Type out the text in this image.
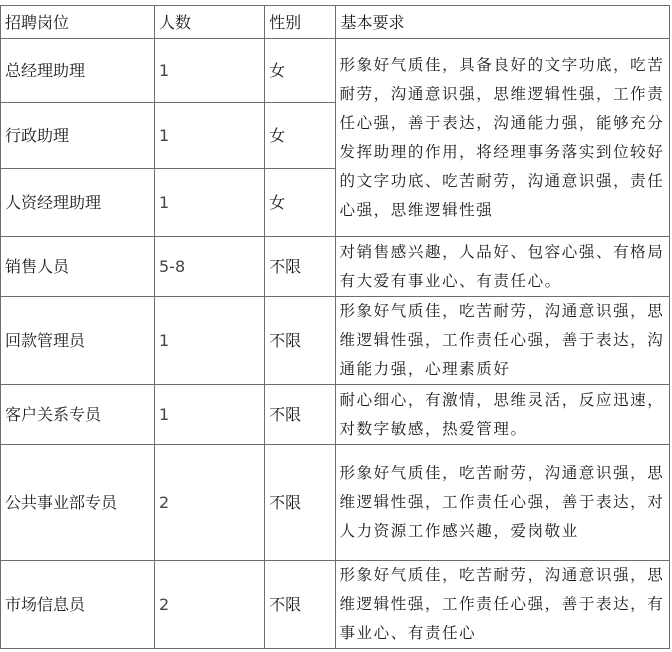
招聘岗位	人数	性别	基本要求
总经理助理	1	女	形象好气质佳，具备良好的文字功底，吃苦耐劳，沟通意识强，思维逻辑性强，工作责任心强，善于表达，沟通能力强，能够充分发挥助理的作用，将经理事务落实到位较好的文字功底、吃苦耐劳，沟通意识强，责任心强，思维逻辑性强
行政助理	1	女	
人资经理助理	1	女	
销售人员	5-8	不限	对销售感兴趣，人品好、包容心强、有格局有大爱有事业心、有责任心。
回款管理员	1	不限	形象好气质佳，吃苦耐劳，沟通意识强，思维逻辑性强，工作责任心强，善于表达，沟通能力强，心理素质好
客户关系专员	1	不限	耐心细心，有激情，思维灵活，反应迅速，对数字敏感，热爱管理。
公共事业部专员	2	不限	形象好气质佳，吃苦耐劳，沟通意识强，思维逻辑性强，工作责任心强，善于表达，对人力资源工作感兴趣，爱岗敬业
市场信息员	2	不限	形象好气质佳，吃苦耐劳，沟通意识强，思维逻辑性强，工作责任心强，善于表达，有事业心、有责任心
